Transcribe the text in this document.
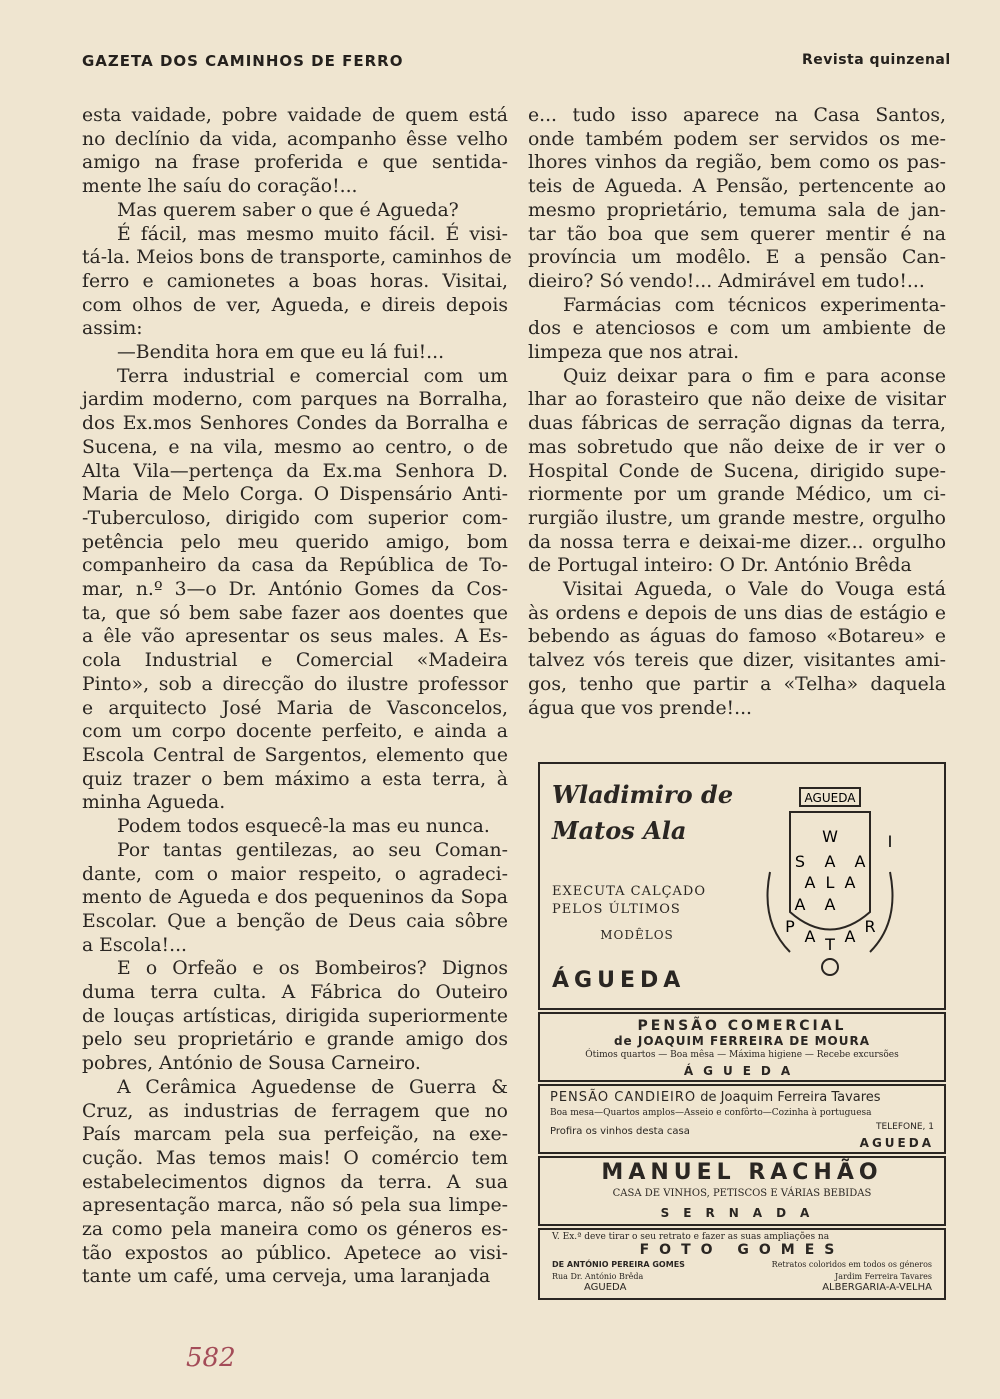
GAZETA DOS CAMINHOS DE FERRO	Revista quinzenal
esta vaidade, pobre vaidade de quem está
no declínio da vida, acompanho êsse velho
amigo na frase proferida e que sentida-
mente lhe saíu do coração!...
Mas querem saber o que é Agueda?
É fácil, mas mesmo muito fácil. É visi-
tá-la. Meios bons de transporte, caminhos de
ferro e camionetes a boas horas. Visitai,
com olhos de ver, Agueda, e direis depois
assim:
—Bendita hora em que eu lá fui!...
Terra industrial e comercial com um
jardim moderno, com parques na Borralha,
dos Ex.mos Senhores Condes da Borralha e
Sucena, e na vila, mesmo ao centro, o de
Alta Vila—pertença da Ex.ma Senhora D.
Maria de Melo Corga. O Dispensário Anti-
-Tuberculoso, dirigido com superior com-
petência pelo meu querido amigo, bom
companheiro da casa da República de To-
mar, n.º 3—o Dr. António Gomes da Cos-
ta, que só bem sabe fazer aos doentes que
a êle vão apresentar os seus males. A Es-
cola Industrial e Comercial «Madeira
Pinto», sob a direcção do ilustre professor
e arquitecto José Maria de Vasconcelos,
com um corpo docente perfeito, e ainda a
Escola Central de Sargentos, elemento que
quiz trazer o bem máximo a esta terra, à
minha Agueda.
Podem todos esquecê-la mas eu nunca.
Por tantas gentilezas, ao seu Coman-
dante, com o maior respeito, o agradeci-
mento de Agueda e dos pequeninos da Sopa
Escolar. Que a benção de Deus caia sôbre
a Escola!...
E o Orfeão e os Bombeiros? Dignos
duma terra culta. A Fábrica do Outeiro
de louças artísticas, dirigida superiormente
pelo seu proprietário e grande amigo dos
pobres, António de Sousa Carneiro.
A Cerâmica Aguedense de Guerra &
Cruz, as industrias de ferragem que no
País marcam pela sua perfeição, na exe-
cução. Mas temos mais! O comércio tem
estabelecimentos dignos da terra. A sua
apresentação marca, não só pela sua limpe-
za como pela maneira como os géneros es-
tão expostos ao público. Apetece ao visi-
tante um café, uma cerveja, uma laranjada
e... tudo isso aparece na Casa Santos,
onde também podem ser servidos os me-
lhores vinhos da região, bem como os pas-
teis de Agueda. A Pensão, pertencente ao
mesmo proprietário, temuma sala de jan-
tar tão boa que sem querer mentir é na
província um modêlo. E a pensão Can-
dieiro? Só vendo!... Admirável em tudo!...
Farmácias com técnicos experimenta-
dos e atenciosos e com um ambiente de
limpeza que nos atrai.
Quiz deixar para o fim e para aconse
lhar ao forasteiro que não deixe de visitar
duas fábricas de serração dignas da terra,
mas sobretudo que não deixe de ir ver o
Hospital Conde de Sucena, dirigido supe-
riormente por um grande Médico, um ci-
rurgião ilustre, um grande mestre, orgulho
da nossa terra e deixai-me dizer... orgulho
de Portugal inteiro: O Dr. António Brêda
Visitai Agueda, o Vale do Vouga está
às ordens e depois de uns dias de estágio e
bebendo as águas do famoso «Botareu» e
talvez vós tereis que dizer, visitantes ami-
gos, tenho que partir a «Telha» daquela
água que vos prende!...
Wladimiro de
Matos Ala
EXECUTA CALÇADO
PELOS ÚLTIMOS
MODÊLOS
ÁGUEDA
AGUEDA
W
S A A
A L A
I
A A
P
A T A
R
PENSÃO COMERCIAL
de JOAQUIM FERREIRA DE MOURA
Ótimos quartos — Boa mêsa — Máxima higiene — Recebe excursões
ÁGUEDA
PENSÃO CANDIEIRO de Joaquim Ferreira Tavares
Boa mesa—Quartos amplos—Asseio e confôrto—Cozinha à portuguesa
Profira os vinhos desta casa	TELEFONE, 1
AGUEDA
MANUEL RACHÃO
CASA DE VINHOS, PETISCOS E VÁRIAS BEBIDAS
SERNADA
V. Ex.ª deve tirar o seu retrato e fazer as suas ampliações na
FOTO GOMES
DE ANTÓNIO PEREIRA GOMES	Retratos coloridos em todos os géneros
Rua Dr. António Brêda	Jardim Ferreira Tavares
AGUEDA	ALBERGARIA-A-VELHA
582
